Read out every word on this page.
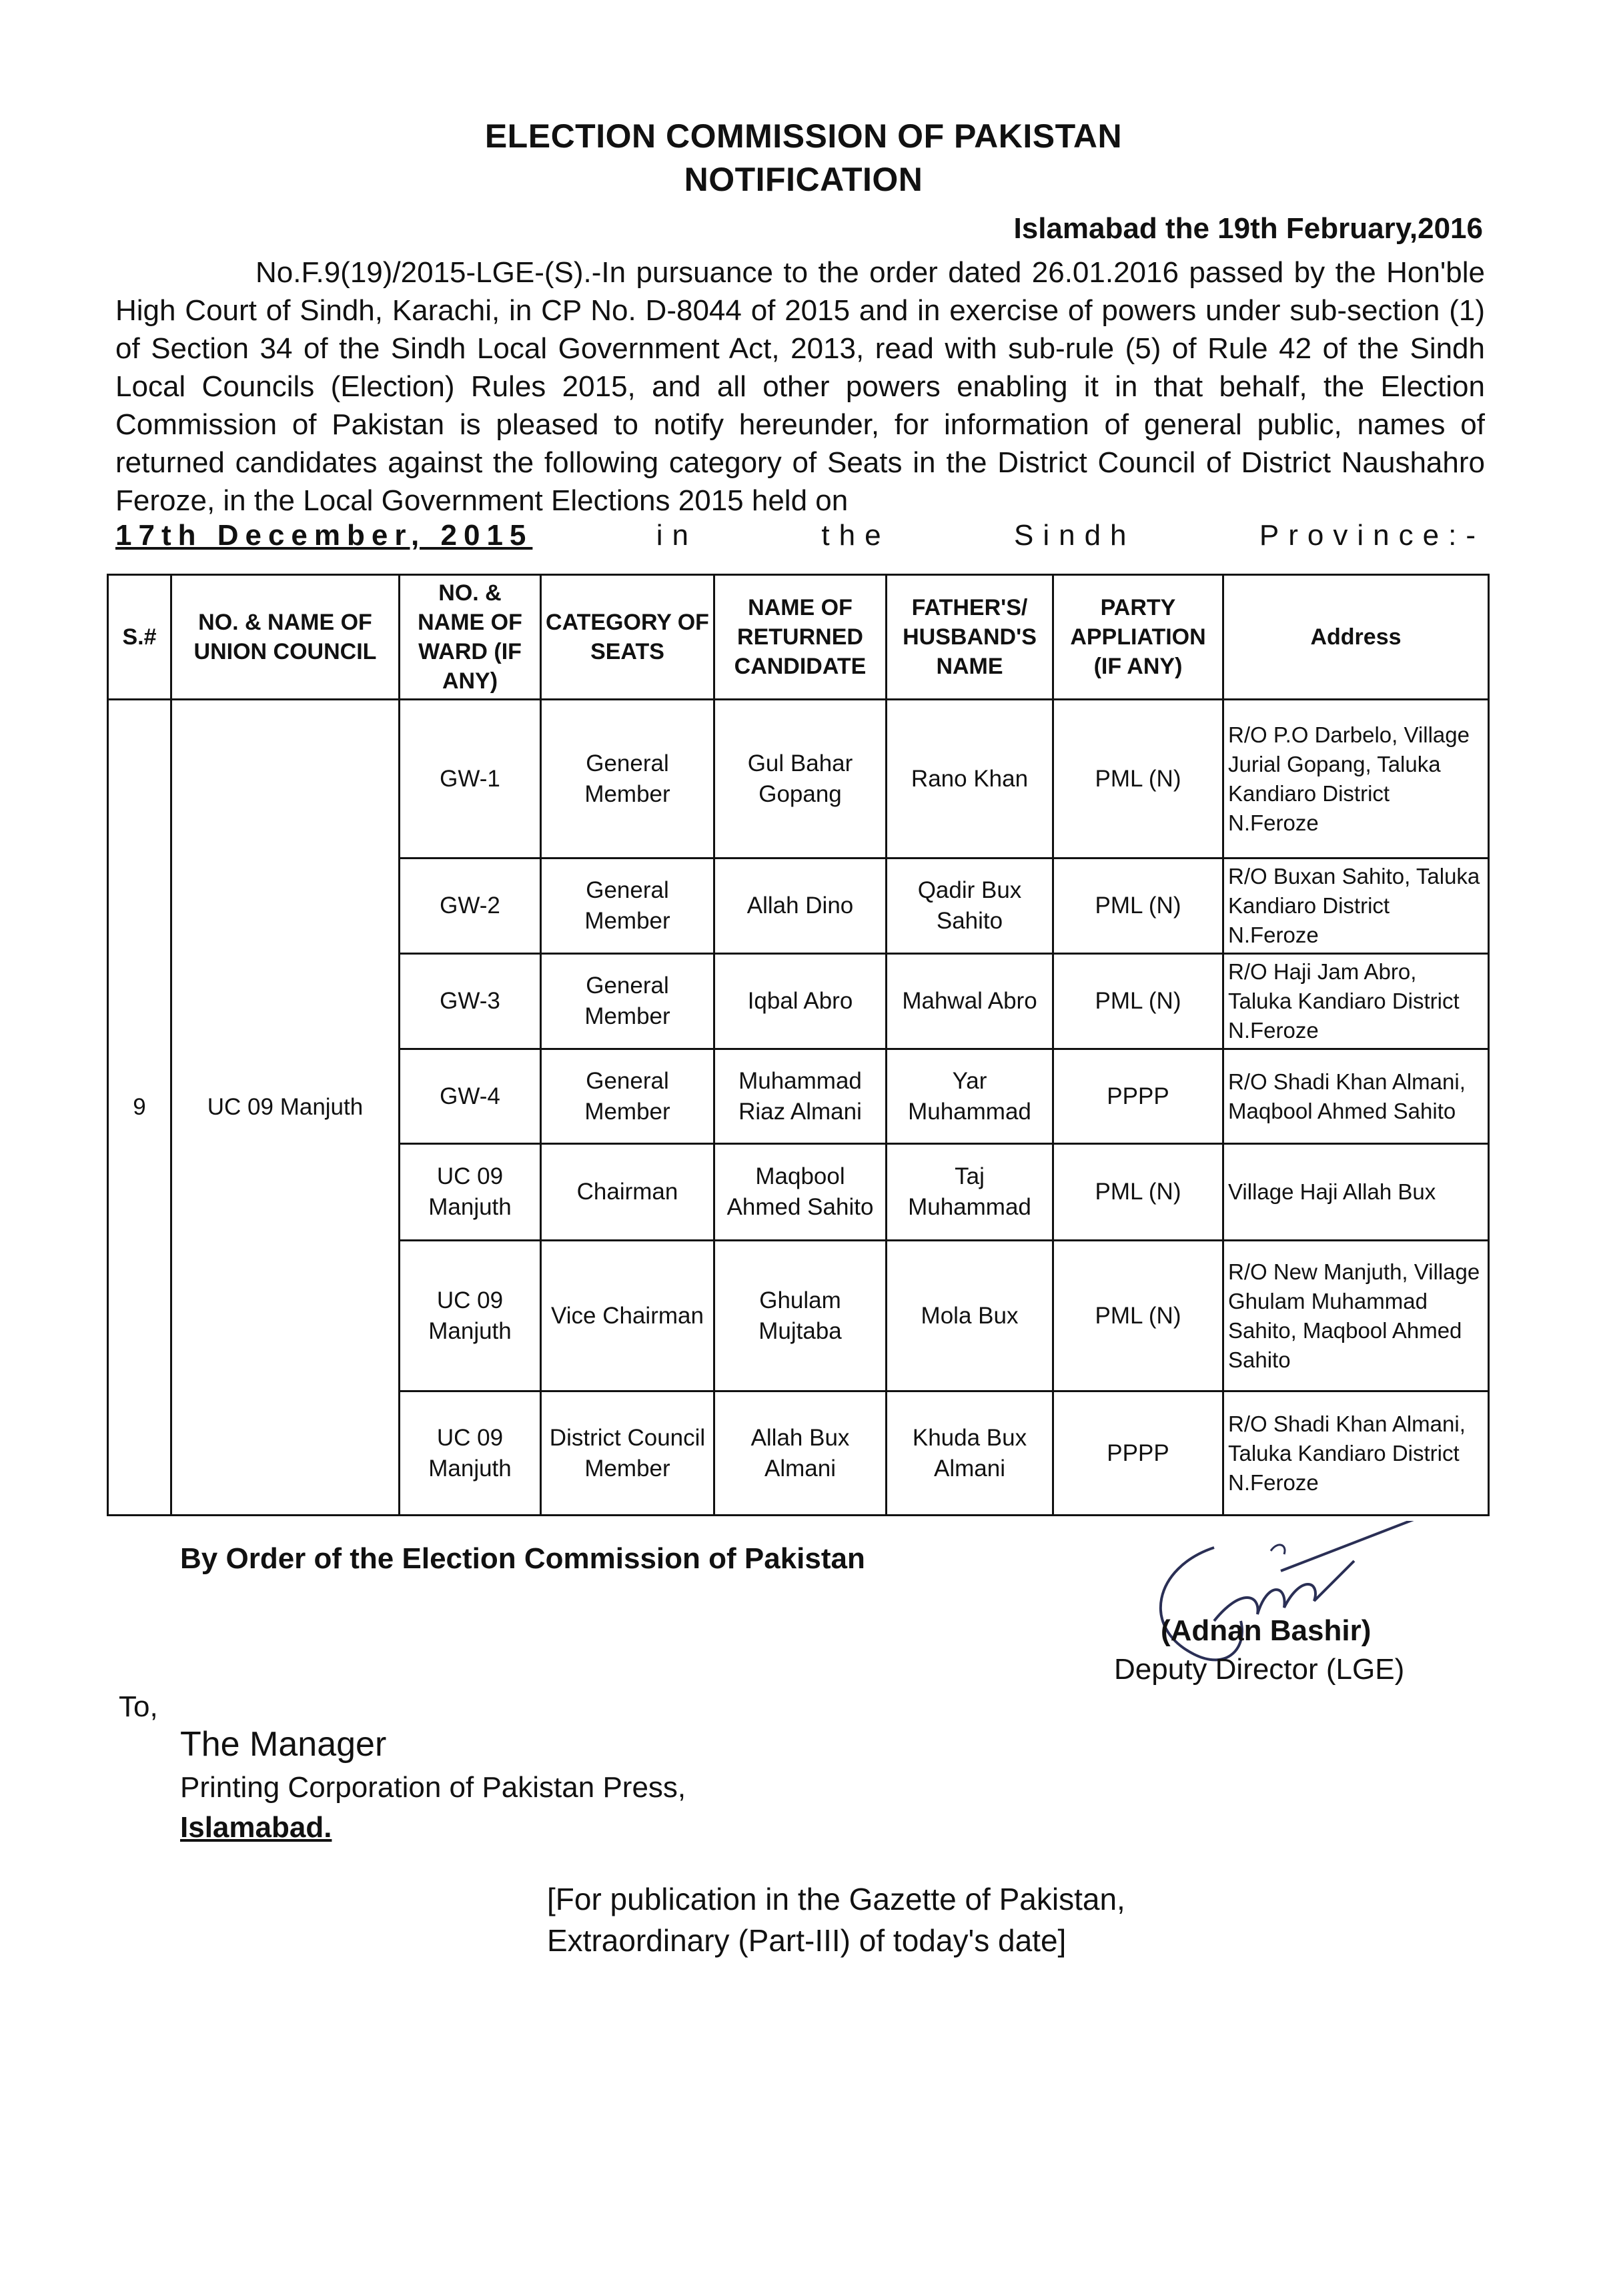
ELECTION COMMISSION OF PAKISTAN
NOTIFICATION
Islamabad the 19th February,2016
No.F.9(19)/2015-LGE-(S).-In pursuance to the order dated 26.01.2016 passed by the Hon'ble High Court of Sindh, Karachi, in CP No. D-8044 of 2015 and in exercise of powers under sub-section (1) of Section 34 of the Sindh Local Government Act, 2013, read with sub-rule (5) of Rule 42 of the Sindh Local Councils (Election) Rules 2015, and all other powers enabling it in that behalf, the Election Commission of Pakistan is pleased to notify hereunder, for information of general public, names of returned candidates against the following category of Seats in the District Council of District Naushahro Feroze, in the Local Government Elections 2015 held on
17th December, 2015	in	the	Sindh	Province:-
S.#	NO. & NAME OF UNION COUNCIL	NO. & NAME OF WARD (IF ANY)	CATEGORY OF SEATS	NAME OF RETURNED CANDIDATE	FATHER'S/ HUSBAND'S NAME	PARTY APPLIATION (IF ANY)	Address
9	UC 09 Manjuth	GW-1	General Member	Gul Bahar Gopang	Rano Khan	PML (N)	R/O P.O Darbelo, Village Jurial Gopang, Taluka Kandiaro District N.Feroze
		GW-2	General Member	Allah Dino	Qadir Bux Sahito	PML (N)	R/O Buxan Sahito, Taluka Kandiaro District N.Feroze
		GW-3	General Member	Iqbal Abro	Mahwal Abro	PML (N)	R/O Haji Jam Abro, Taluka Kandiaro District N.Feroze
		GW-4	General Member	Muhammad Riaz Almani	Yar Muhammad	PPPP	R/O Shadi Khan Almani, Maqbool Ahmed Sahito
		UC 09 Manjuth	Chairman	Maqbool Ahmed Sahito	Taj Muhammad	PML (N)	Village Haji Allah Bux
		UC 09 Manjuth	Vice Chairman	Ghulam Mujtaba	Mola Bux	PML (N)	R/O New Manjuth, Village Ghulam Muhammad Sahito, Maqbool Ahmed Sahito
		UC 09 Manjuth	District Council Member	Allah Bux Almani	Khuda Bux Almani	PPPP	R/O Shadi Khan Almani, Taluka Kandiaro District N.Feroze
By Order of the Election Commission of Pakistan
(Adnan Bashir)
Deputy Director (LGE)
To,
The Manager
Printing Corporation of Pakistan Press,
Islamabad.
[For publication in the Gazette of Pakistan,
Extraordinary (Part-III) of today's date]
